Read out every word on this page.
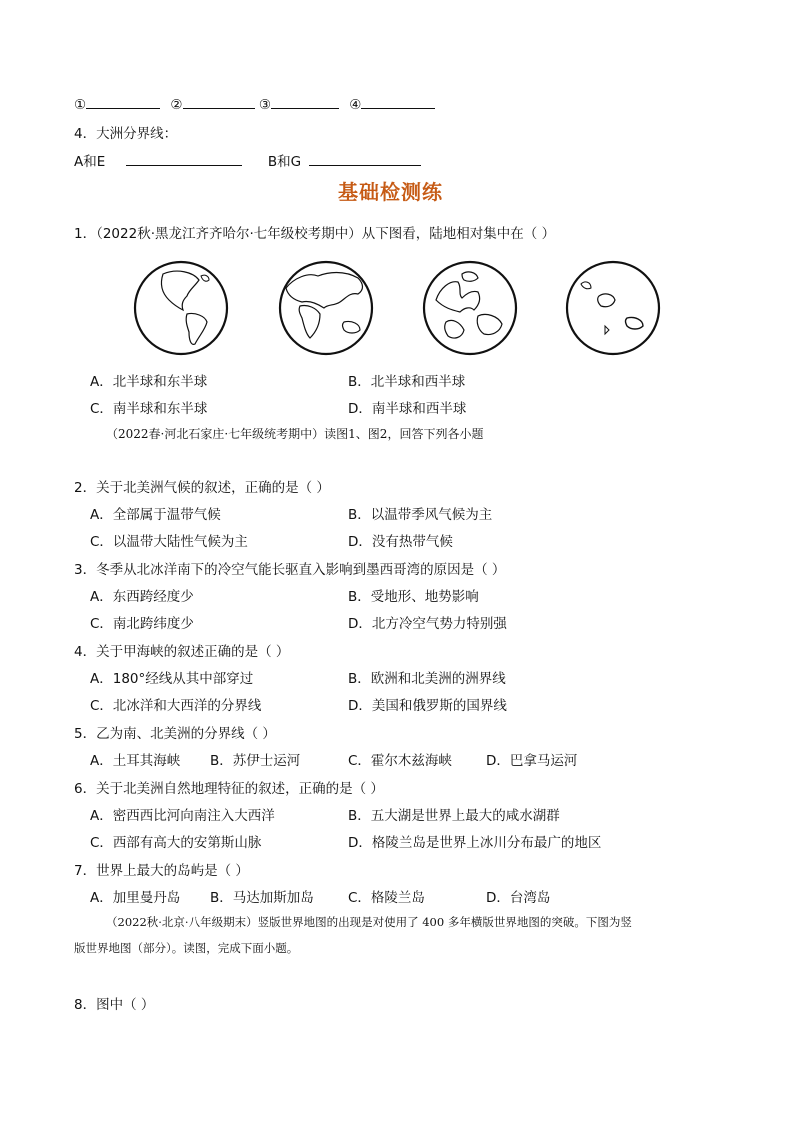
①	②	③	④
4．大洲分界线：
A和E	B和G
基础检测练
1．（2022秋·黑龙江齐齐哈尔·七年级校考期中）从下图看，陆地相对集中在（ ）
A．北半球和东半球	B．北半球和西半球
C．南半球和东半球	D．南半球和西半球
（2022春·河北石家庄·七年级统考期中）读图1、图2，回答下列各小题
2．关于北美洲气候的叙述，正确的是（ ）
A．全部属于温带气候	B．以温带季风气候为主
C．以温带大陆性气候为主	D．没有热带气候
3．冬季从北冰洋南下的冷空气能长驱直入影响到墨西哥湾的原因是（ ）
A．东西跨经度少	B．受地形、地势影响
C．南北跨纬度少	D．北方冷空气势力特别强
4．关于甲海峡的叙述正确的是（ ）
A．180°经线从其中部穿过	B．欧洲和北美洲的洲界线
C．北冰洋和大西洋的分界线	D．美国和俄罗斯的国界线
5．乙为南、北美洲的分界线（ ）
A．土耳其海峡 B．苏伊士运河	C．霍尔木兹海峡	D．巴拿马运河
6．关于北美洲自然地理特征的叙述，正确的是（ ）
A．密西西比河向南注入大西洋	B．五大湖是世界上最大的咸水湖群
C．西部有高大的安第斯山脉	D．格陵兰岛是世界上冰川分布最广的地区
7．世界上最大的岛屿是（ ）
A．加里曼丹岛 B．马达加斯加岛	C．格陵兰岛	D．台湾岛
（2022秋·北京·八年级期末）竖版世界地图的出现是对使用了 400 多年横版世界地图的突破。下图为竖
版世界地图（部分）。读图，完成下面小题。
8．图中（ ）
